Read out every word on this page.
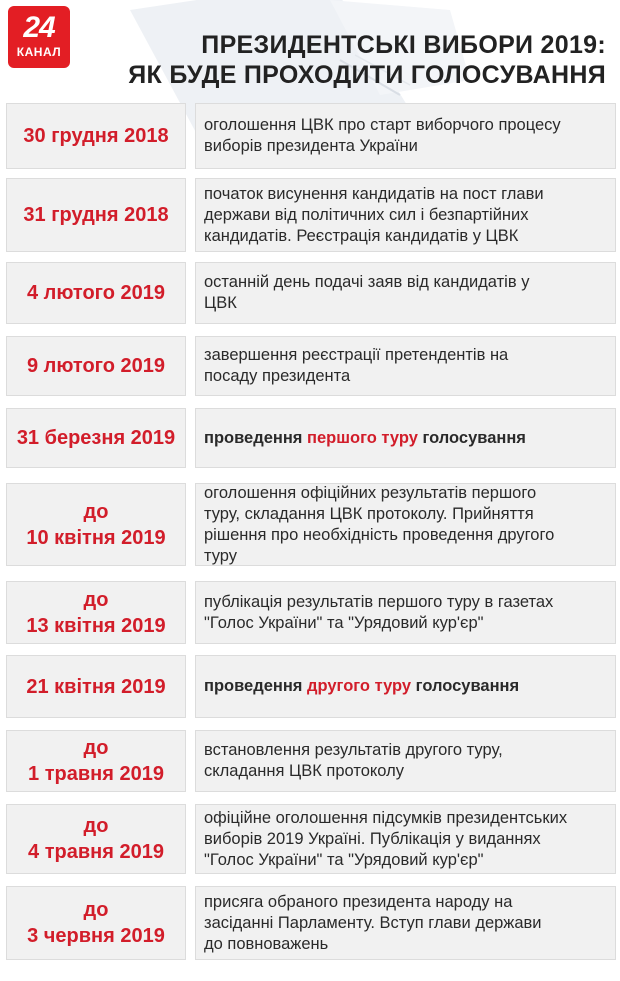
24
КАНАЛ	ПРЕЗИДЕНТСЬКІ ВИБОРИ 2019:
ЯК БУДЕ ПРОХОДИТИ ГОЛОСУВАННЯ
30 грудня 2018 оголошення ЦВК про старт виборчого процесу
виборів президента України
31 грудня 2018
початок висунення кандидатів на пост глави
держави від політичних сил і безпартійних
кандидатів. Реєстрація кандидатів у ЦВК
4 лютого 2019 останній день подачі заяв від кандидатів у
ЦВК
9 лютого 2019 завершення реєстрації претендентів на
посаду президента
31 березня 2019 проведення першого туру голосування
до
10 квітня 2019
оголошення офіційних результатів першого
туру, складання ЦВК протоколу. Прийняття
рішення про необхідність проведення другого
туру
до
13 квітня 2019
публікація результатів першого туру в газетах
"Голос України" та "Урядовий кур'єр"
21 квітня 2019 проведення другого туру голосування
до
1 травня 2019
встановлення результатів другого туру,
складання ЦВК протоколу
до
4 травня 2019
офіційне оголошення підсумків президентських
виборів 2019 Україні. Публікація у виданнях
"Голос України" та "Урядовий кур'єр"
до
3 червня 2019
присяга обраного президента народу на
засіданні Парламенту. Вступ глави держави
до повноважень
